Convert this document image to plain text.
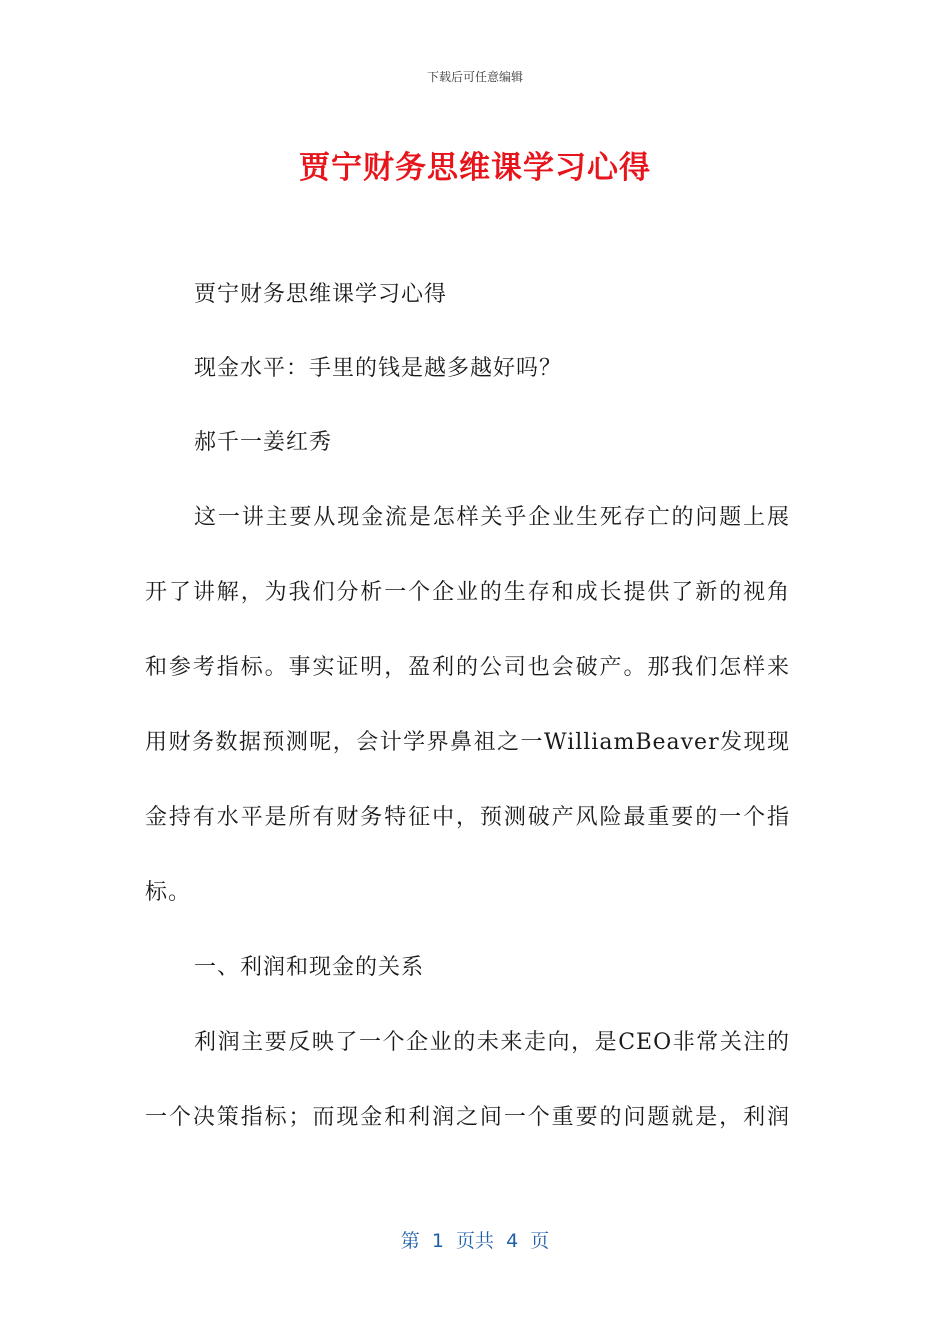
下载后可任意编辑
贾宁财务思维课学习心得
贾宁财务思维课学习心得
现金水平：手里的钱是越多越好吗？
郝千一姜红秀
这一讲主要从现金流是怎样关乎企业生死存亡的问题上展
开了讲解，为我们分析一个企业的生存和成长提供了新的视角
和参考指标。事实证明，盈利的公司也会破产。那我们怎样来
用财务数据预测呢，会计学界鼻祖之一WilliamBeaver发现现
金持有水平是所有财务特征中，预测破产风险最重要的一个指
标。
一、利润和现金的关系
利润主要反映了一个企业的未来走向，是CEO非常关注的
一个决策指标；而现金和利润之间一个重要的问题就是，利润
第  1  页共  4  页
